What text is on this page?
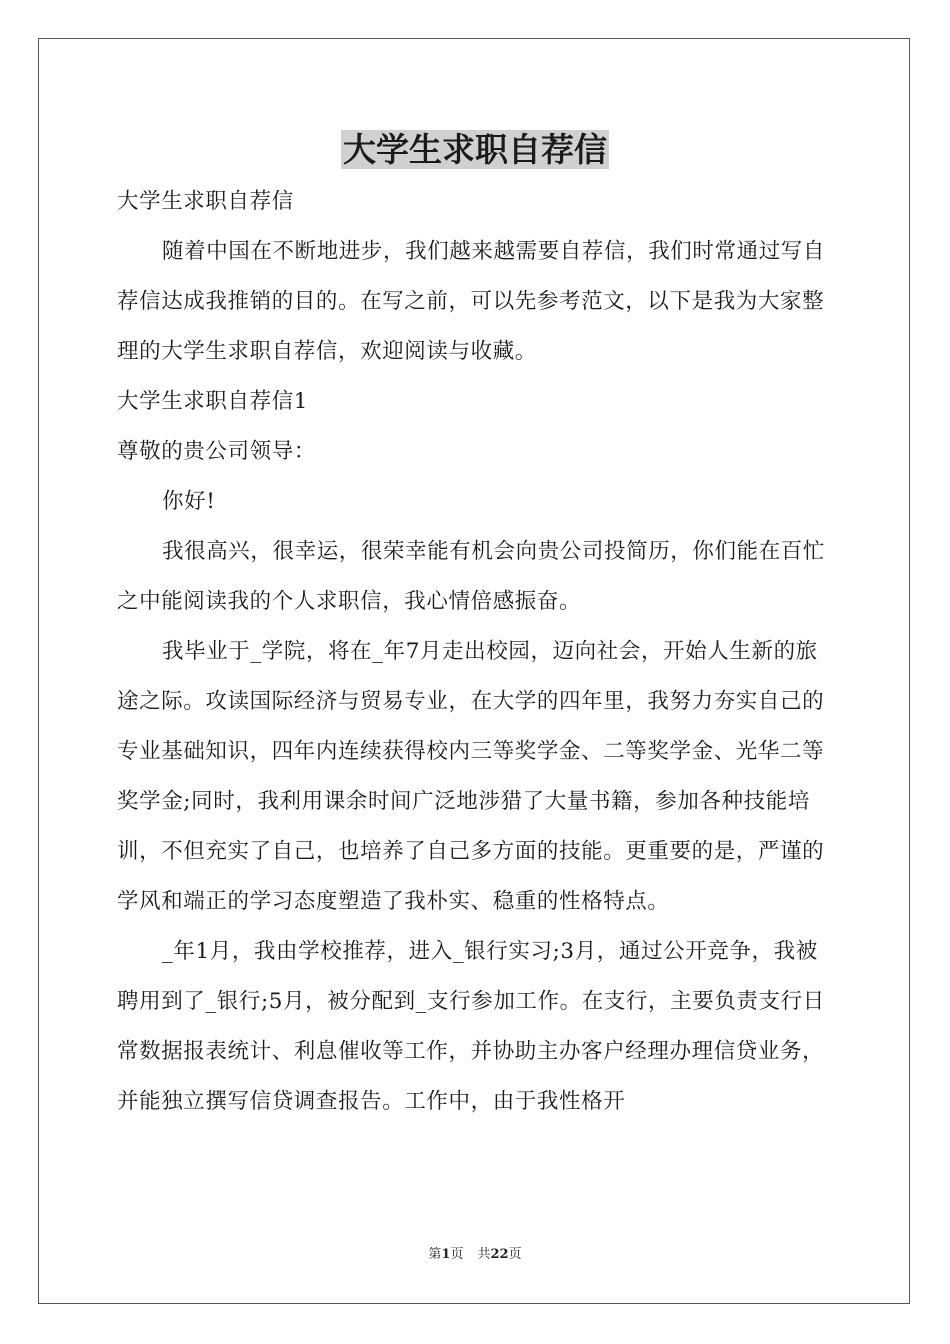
大学生求职自荐信

大学生求职自荐信

随着中国在不断地进步，我们越来越需要自荐信，我们时常通过写自荐信达成我推销的目的。在写之前，可以先参考范文，以下是我为大家整理的大学生求职自荐信，欢迎阅读与收藏。

大学生求职自荐信1

尊敬的贵公司领导：

你好!

我很高兴，很幸运，很荣幸能有机会向贵公司投简历，你们能在百忙之中能阅读我的个人求职信，我心情倍感振奋。

我毕业于_学院，将在_年7月走出校园，迈向社会，开始人生新的旅途之际。攻读国际经济与贸易专业，在大学的四年里，我努力夯实自己的专业基础知识，四年内连续获得校内三等奖学金、二等奖学金、光华二等奖学金;同时，我利用课余时间广泛地涉猎了大量书籍，参加各种技能培训，不但充实了自己，也培养了自己多方面的技能。更重要的是，严谨的学风和端正的学习态度塑造了我朴实、稳重的性格特点。

_年1月，我由学校推荐，进入_银行实习;3月，通过公开竞争，我被聘用到了_银行;5月，被分配到_支行参加工作。在支行，主要负责支行日常数据报表统计、利息催收等工作，并协助主办客户经理办理信贷业务，并能独立撰写信贷调查报告。工作中，由于我性格开

第1页 共22页
